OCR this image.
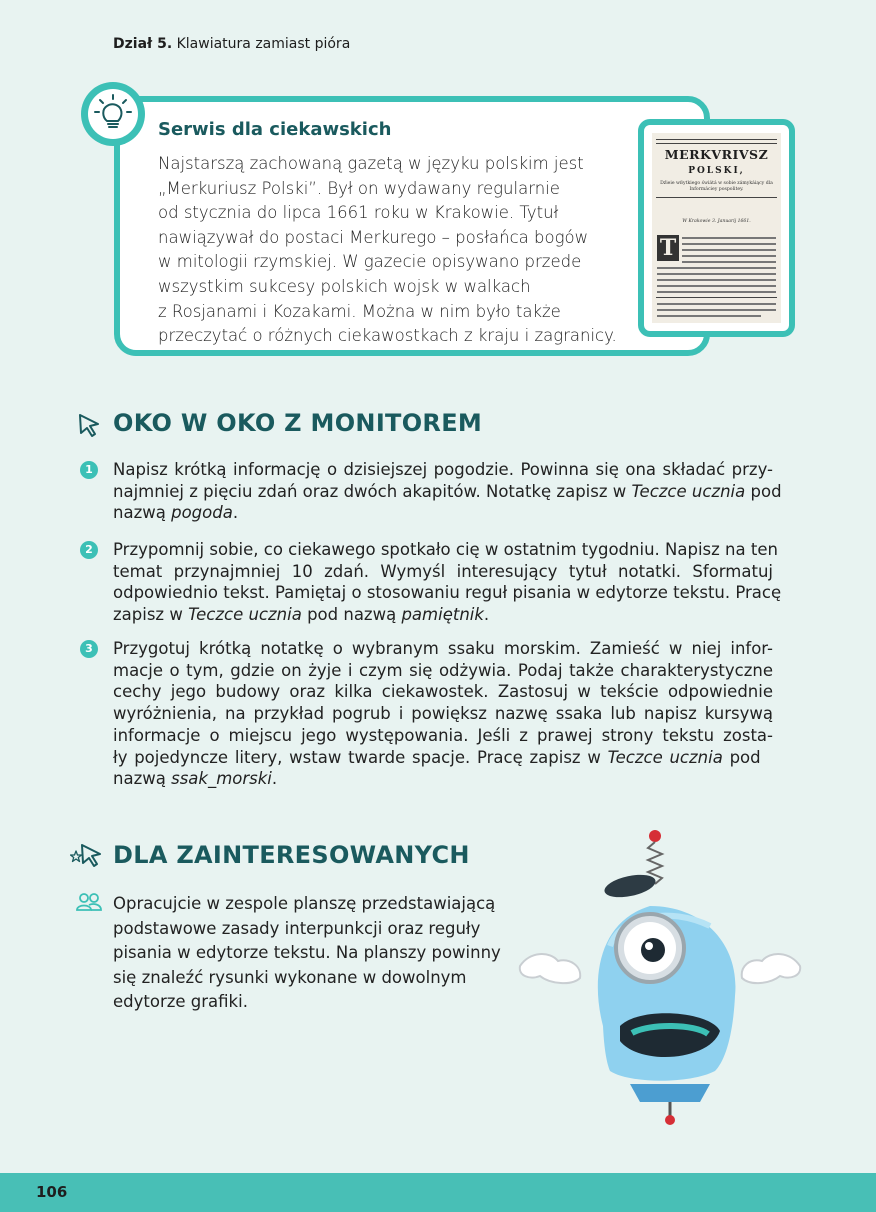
Dział 5. Klawiatura zamiast pióra
Serwis dla ciekawskich

Najstarszą zachowaną gazetą w języku polskim jest

„Merkuriusz Polski”. Był on wydawany regularnie

od stycznia do lipca 1661 roku w Krakowie. Tytuł

nawiązywał do postaci Merkurego – posłańca bogów

w mitologii rzymskiej. W gazecie opisywano przede

wszystkim sukcesy polskich wojsk w walkach

z Rosjanami i Kozakami. Można w nim było także

przeczytać o różnych ciekawostkach z kraju i zagranicy.

MERKVRIVSZ
POLSKI,
Dźieie wßytkiego świátá w sobie zámykáiący dla Informáciey pospolitey.
W Krakowie 3. Januarij 1661.
T
OKO W OKO Z MONITOREM
1	Napisz krótką informację o dzisiejszej pogodzie. Powinna się ona składać przy-
najmniej z pięciu zdań oraz dwóch akapitów. Notatkę zapisz w Teczce ucznia pod
nazwą pogoda.
2	Przypomnij sobie, co ciekawego spotkało cię w ostatnim tygodniu. Napisz na ten
temat przynajmniej 10 zdań. Wymyśl interesujący tytuł notatki. Sformatuj
odpowiednio tekst. Pamiętaj o stosowaniu reguł pisania w edytorze tekstu. Pracę
zapisz w Teczce ucznia pod nazwą pamiętnik.
3	Przygotuj krótką notatkę o wybranym ssaku morskim. Zamieść w niej infor-
macje o tym, gdzie on żyje i czym się odżywia. Podaj także charakterystyczne
cechy jego budowy oraz kilka ciekawostek. Zastosuj w tekście odpowiednie
wyróżnienia, na przykład pogrub i powiększ nazwę ssaka lub napisz kursywą
informacje o miejscu jego występowania. Jeśli z prawej strony tekstu zosta-
ły pojedyncze litery, wstaw twarde spacje. Pracę zapisz w Teczce ucznia pod
nazwą ssak_morski.
DLA ZAINTERESOWANYCH
Opracujcie w zespole planszę przedstawiającą
podstawowe zasady interpunkcji oraz reguły
pisania w edytorze tekstu. Na planszy powinny
się znaleźć rysunki wykonane w dowolnym
edytorze grafiki.
106
